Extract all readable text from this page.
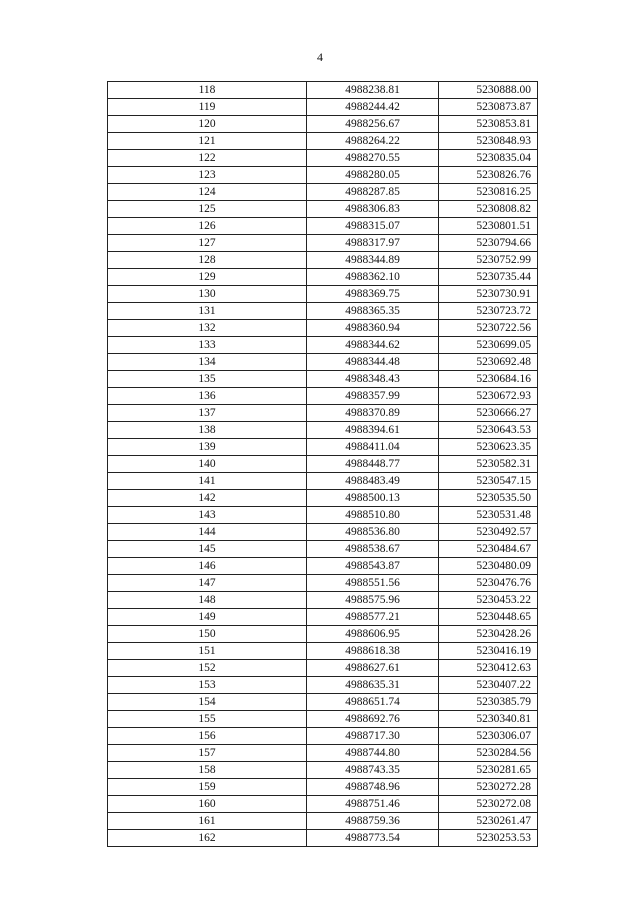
4
118	4988238.81	5230888.00
119	4988244.42	5230873.87
120	4988256.67	5230853.81
121	4988264.22	5230848.93
122	4988270.55	5230835.04
123	4988280.05	5230826.76
124	4988287.85	5230816.25
125	4988306.83	5230808.82
126	4988315.07	5230801.51
127	4988317.97	5230794.66
128	4988344.89	5230752.99
129	4988362.10	5230735.44
130	4988369.75	5230730.91
131	4988365.35	5230723.72
132	4988360.94	5230722.56
133	4988344.62	5230699.05
134	4988344.48	5230692.48
135	4988348.43	5230684.16
136	4988357.99	5230672.93
137	4988370.89	5230666.27
138	4988394.61	5230643.53
139	4988411.04	5230623.35
140	4988448.77	5230582.31
141	4988483.49	5230547.15
142	4988500.13	5230535.50
143	4988510.80	5230531.48
144	4988536.80	5230492.57
145	4988538.67	5230484.67
146	4988543.87	5230480.09
147	4988551.56	5230476.76
148	4988575.96	5230453.22
149	4988577.21	5230448.65
150	4988606.95	5230428.26
151	4988618.38	5230416.19
152	4988627.61	5230412.63
153	4988635.31	5230407.22
154	4988651.74	5230385.79
155	4988692.76	5230340.81
156	4988717.30	5230306.07
157	4988744.80	5230284.56
158	4988743.35	5230281.65
159	4988748.96	5230272.28
160	4988751.46	5230272.08
161	4988759.36	5230261.47
162	4988773.54	5230253.53
